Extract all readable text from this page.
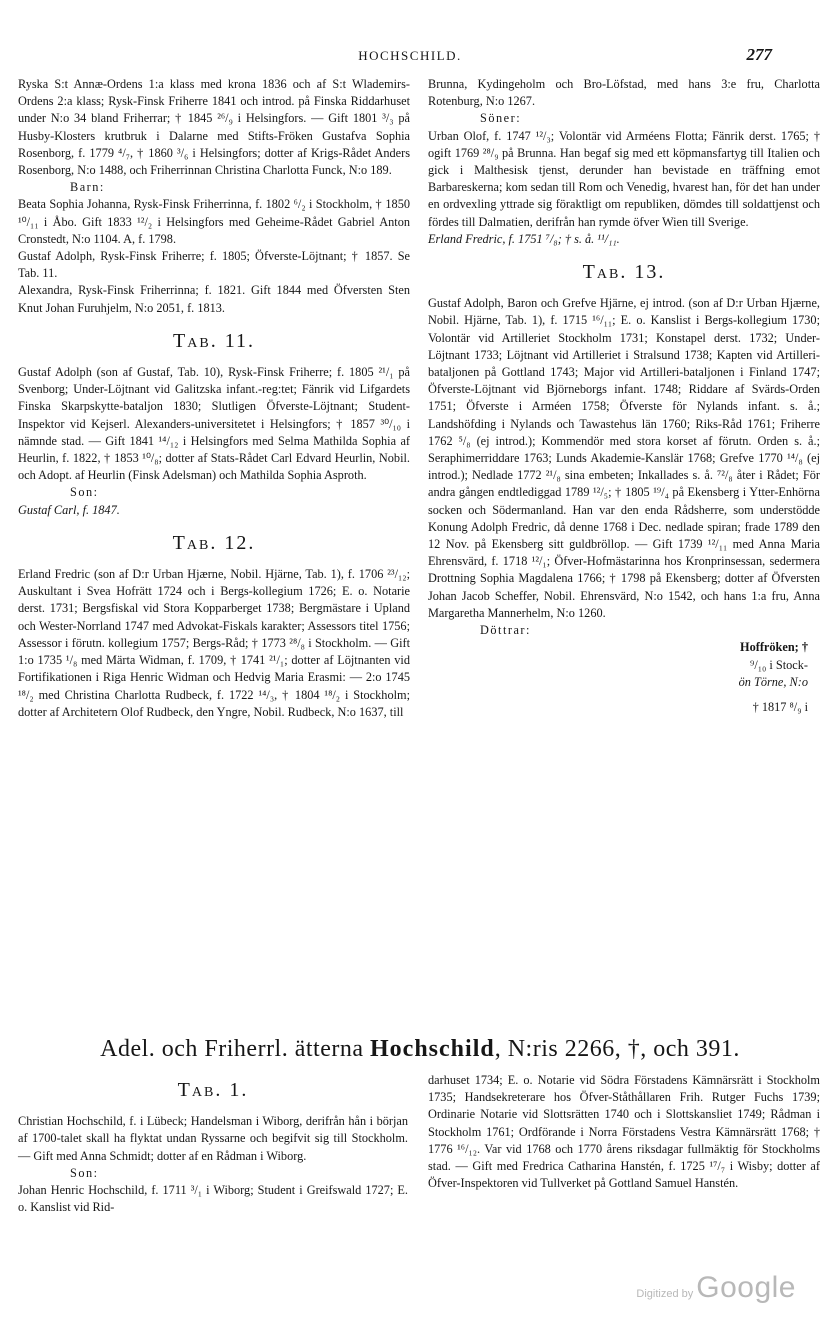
HOCHSCHILD.	277

Ryska S:t Annæ-Ordens 1:a klass med krona 1836 och af S:t Wlademirs-Ordens 2:a klass; Rysk-Finsk Friherre 1841 och introd. på Finska Riddarhuset under N:o 34 bland Friherrar; † 1845 ²⁶/₉ i Helsingfors. — Gift 1801 ³/₃ på Husby-Klosters krutbruk i Dalarne med Stifts-Fröken Gustafva Sophia Rosenborg, f. 1779 ⁴/₇, † 1860 ³/₆ i Helsingfors; dotter af Krigs-Rådet Anders Rosenborg, N:o 1488, och Friherrinnan Christina Charlotta Funck, N:o 189.

Barn:

Beata Sophia Johanna, Rysk-Finsk Friherrinna, f. 1802 ⁶/₂ i Stockholm, † 1850 ¹⁰/₁₁ i Åbo. Gift 1833 ¹²/₂ i Helsingfors med Geheime-Rådet Gabriel Anton Cronstedt, N:o 1104. A, f. 1798.

Gustaf Adolph, Rysk-Finsk Friherre; f. 1805; Öfverste-Löjtnant; † 1857. Se Tab. 11.

Alexandra, Rysk-Finsk Friherrinna; f. 1821. Gift 1844 med Öfversten Sten Knut Johan Furuhjelm, N:o 2051, f. 1813.

Tab. 11.

Gustaf Adolph (son af Gustaf, Tab. 10), Rysk-Finsk Friherre; f. 1805 ²¹/₁ på Svenborg; Under-Löjtnant vid Galitzska infant.-reg:tet; Fänrik vid Lifgardets Finska Skarpskytte-bataljon 1830; Slutligen Öfverste-Löjtnant; Student-Inspektor vid Kejserl. Alexanders-universitetet i Helsingfors; † 1857 ³⁰/₁₀ i nämnde stad. — Gift 1841 ¹⁴/₁₂ i Helsingfors med Selma Mathilda Sophia af Heurlin, f. 1822, † 1853 ¹⁰/₈; dotter af Stats-Rådet Carl Edvard Heurlin, Nobil. och Adopt. af Heurlin (Finsk Adelsman) och Mathilda Sophia Asproth.

Son:

Gustaf Carl, f. 1847.

Tab. 12.

Erland Fredric (son af D:r Urban Hjærne, Nobil. Hjärne, Tab. 1), f. 1706 ²³/₁₂; Auskultant i Svea Hofrätt 1724 och i Bergs-kollegium 1726; E. o. Notarie derst. 1731; Bergsfiskal vid Stora Kopparberget 1738; Bergmästare i Upland och Wester-Norrland 1747 med Advokat-Fiskals karakter; Assessors titel 1756; Assessor i förutn. kollegium 1757; Bergs-Råd; † 1773 ²⁸/₈ i Stockholm. — Gift 1:o 1735 ¹/₈ med Märta Widman, f. 1709, † 1741 ²¹/₁; dotter af Löjtnanten vid Fortifikationen i Riga Henric Widman och Hedvig Maria Erasmi: — 2:o 1745 ¹⁸/₂ med Christina Charlotta Rudbeck, f. 1722 ¹⁴/₃, † 1804 ¹⁸/₂ i Stockholm; dotter af Architetern Olof Rudbeck, den Yngre, Nobil. Rudbeck, N:o 1637, till

Brunna, Kydingeholm och Bro-Löfstad, med hans 3:e fru, Charlotta Rotenburg, N:o 1267.

Söner:

Urban Olof, f. 1747 ¹²/₃; Volontär vid Arméens Flotta; Fänrik derst. 1765; † ogift 1769 ²⁸/₉ på Brunna. Han begaf sig med ett köpmansfartyg till Italien och gick i Malthesisk tjenst, derunder han bevistade en träffning emot Barbareskerna; kom sedan till Rom och Venedig, hvarest han, för det han under en ordvexling yttrade sig föraktligt om republiken, dömdes till soldattjenst och fördes till Dalmatien, derifrån han rymde öfver Wien till Sverige.

Erland Fredric, f. 1751 ⁷/₈; † s. å. ¹¹/₁₁.

Tab. 13.

Gustaf Adolph, Baron och Grefve Hjärne, ej introd. (son af D:r Urban Hjærne, Nobil. Hjärne, Tab. 1), f. 1715 ¹⁶/₁₁; E. o. Kanslist i Bergs-kollegium 1730; Volontär vid Artilleriet Stockholm 1731; Konstapel derst. 1732; Under-Löjtnant 1733; Löjtnant vid Artilleriet i Stralsund 1738; Kapten vid Artilleri-bataljonen på Gottland 1743; Major vid Artilleri-bataljonen i Finland 1747; Öfverste-Löjtnant vid Björneborgs infant. 1748; Riddare af Svärds-Orden 1751; Öfverste i Arméen 1758; Öfverste för Nylands infant. s. å.; Landshöfding i Nylands och Tawastehus län 1760; Riks-Råd 1761; Friherre 1762 ⁵/₈ (ej introd.); Kommendör med stora korset af förutn. Orden s. å.; Seraphimerriddare 1763; Lunds Akademie-Kanslär 1768; Grefve 1770 ¹⁴/₈ (ej introd.); Nedlade 1772 ²¹/₈ sina embeten; Inkallades s. å. ⁷²/₈ åter i Rådet; För andra gången endtlediggad 1789 ¹²/₅; † 1805 ¹⁹/₄ på Ekensberg i Ytter-Enhörna socken och Södermanland. Han var den enda Rådsherre, som understödde Konung Adolph Fredric, då denne 1768 i Dec. nedlade spiran; frade 1789 den 12 Nov. på Ekensberg sitt guldbröllop. — Gift 1739 ¹²/₁₁ med Anna Maria Ehrensvärd, f. 1718 ¹²/₁; Öfver-Hofmästarinna hos Kronprinsessan, sedermera Drottning Sophia Magdalena 1766; † 1798 på Ekensberg; dotter af Öfversten Johan Jacob Scheffer, Nobil. Ehrensvärd, N:o 1542, och hans 1:a fru, Anna Margaretha Mannerhelm, N:o 1260.

Döttrar:

Hoffröken; †

⁹/₁₀ i Stock-

ön Törne, N:o

† 1817 ⁸/₉ i

Adel. och Friherrl. ätterna Hochschild, N:ris 2266, †, och 391.
Tab. 1.

Christian Hochschild, f. i Lübeck; Handelsman i Wiborg, derifrån hån i början af 1700-talet skall ha flyktat undan Ryssarne och begifvit sig till Stockholm. — Gift med Anna Schmidt; dotter af en Rådman i Wiborg.

Son:

Johan Henric Hochschild, f. 1711 ³/₁ i Wiborg; Student i Greifswald 1727; E. o. Kanslist vid Rid-

darhuset 1734; E. o. Notarie vid Södra Förstadens Kämnärsrätt i Stockholm 1735; Handsekreterare hos Öfver-Ståthållaren Frih. Rutger Fuchs 1739; Ordinarie Notarie vid Slottsrätten 1740 och i Slottskansliet 1749; Rådman i Stockholm 1761; Ordförande i Norra Förstadens Vestra Kämnärsrätt 1768; † 1776 ¹⁶/₁₂. Var vid 1768 och 1770 årens riksdagar fullmäktig för Stockholms stad. — Gift med Fredrica Catharina Hanstén, f. 1725 ¹⁷/₇ i Wisby; dotter af Öfver-Inspektoren vid Tullverket på Gottland Samuel Hanstén.

Digitized by Google
